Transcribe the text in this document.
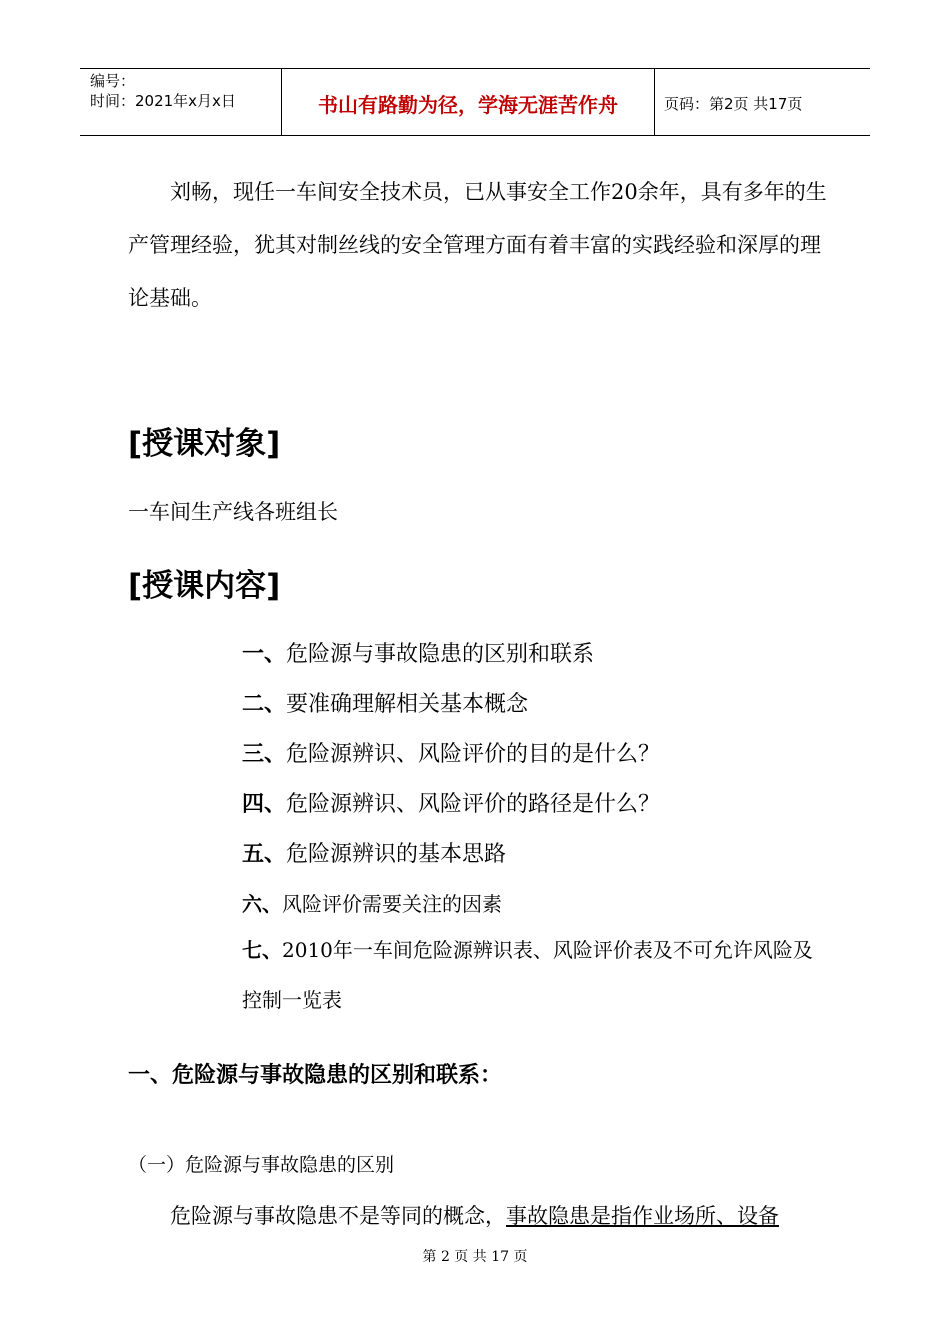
编号：
时间：2021年x月x日	书山有路勤为径，学海无涯苦作舟	页码：第2页 共17页

刘畅，现任一车间安全技术员，已从事安全工作20余年，具有多年的生产管理经验，犹其对制丝线的安全管理方面有着丰富的实践经验和深厚的理论基础。

[授课对象]
一车间生产线各班组长
[授课内容]
一、危险源与事故隐患的区别和联系
二、要准确理解相关基本概念
三、危险源辨识、风险评价的目的是什么？
四、危险源辨识、风险评价的路径是什么？
五、危险源辨识的基本思路
六、风险评价需要关注的因素
七、2010年一车间危险源辨识表、风险评价表及不可允许风险及控制一览表
一、危险源与事故隐患的区别和联系：
（一）危险源与事故隐患的区别
危险源与事故隐患不是等同的概念，事故隐患是指作业场所、设备
第 2 页 共 17 页
